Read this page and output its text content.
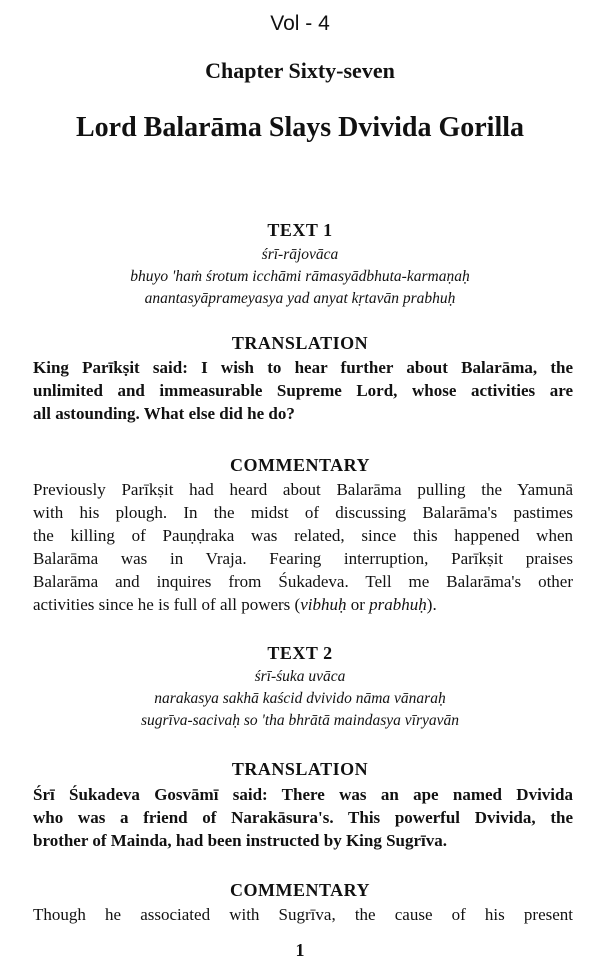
Vol - 4
Chapter Sixty-seven
Lord Balarāma Slays Dvivida Gorilla
TEXT 1
śrī-rājovāca
bhuyo 'haṁ śrotum icchāmi rāmasyādbhuta-karmaṇaḥ
anantasyāprameyasya yad anyat kṛtavān prabhuḥ
TRANSLATION
King Parīkṣit said: I wish to hear further about Balarāma, the
unlimited and immeasurable Supreme Lord, whose activities are
all astounding. What else did he do?
COMMENTARY
Previously Parīkṣit had heard about Balarāma pulling the Yamunā
with his plough. In the midst of discussing Balarāma's pastimes
the killing of Pauṇḍraka was related, since this happened when
Balarāma was in Vraja. Fearing interruption, Parīkṣit praises
Balarāma and inquires from Śukadeva. Tell me Balarāma's other
activities since he is full of all powers (vibhuḥ or prabhuḥ).
TEXT 2
śrī-śuka uvāca
narakasya sakhā kaścid dvivido nāma vānaraḥ
sugrīva-sacivaḥ so 'tha bhrātā maindasya vīryavān
TRANSLATION
Śrī Śukadeva Gosvāmī said: There was an ape named Dvivida
who was a friend of Narakāsura's. This powerful Dvivida, the
brother of Mainda, had been instructed by King Sugrīva.
COMMENTARY
Though he associated with Sugrīva, the cause of his present
1
